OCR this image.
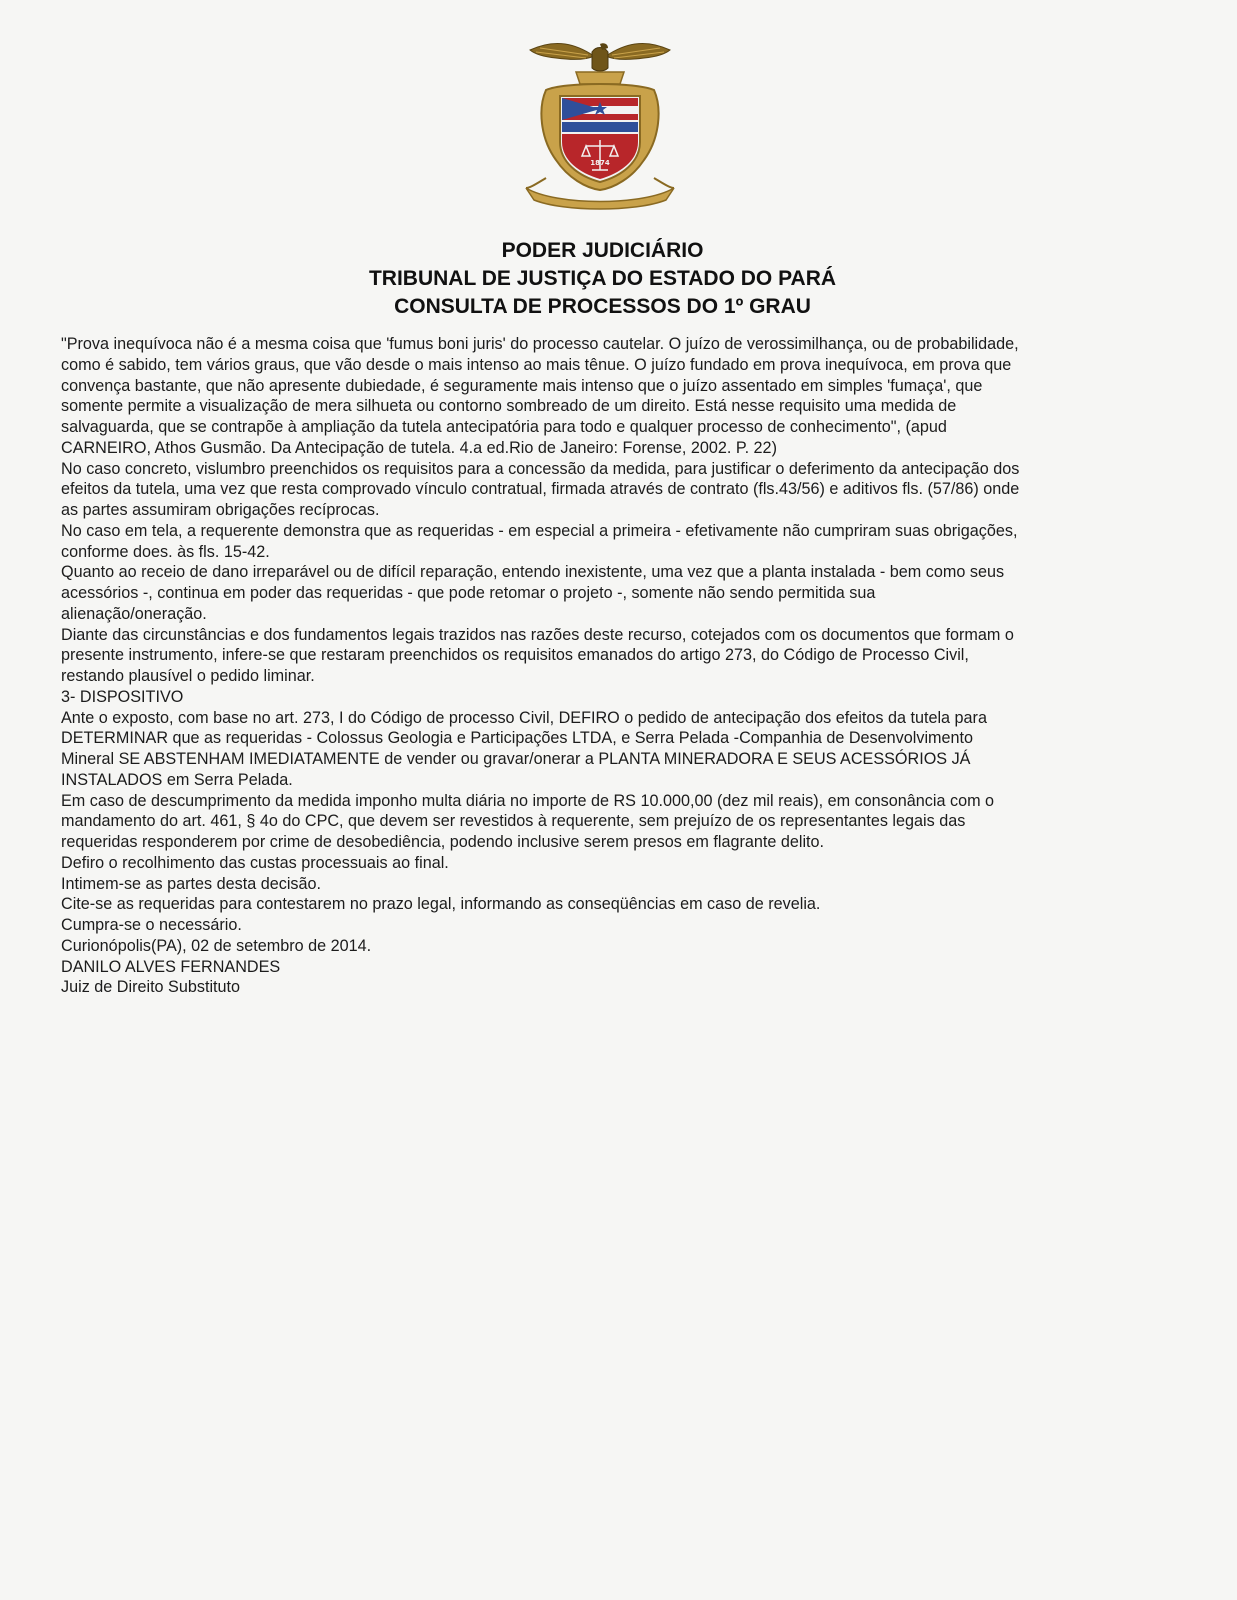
1874
PODER JUDICIÁRIO
TRIBUNAL DE JUSTIÇA DO ESTADO DO PARÁ
CONSULTA DE PROCESSOS DO 1º GRAU
"Prova inequívoca não é a mesma coisa que 'fumus boni juris' do processo cautelar. O juízo de verossimilhança, ou de probabilidade,
como é sabido, tem vários graus, que vão desde o mais intenso ao mais tênue. O juízo fundado em prova inequívoca, em prova que
convença bastante, que não apresente dubiedade, é seguramente mais intenso que o juízo assentado em simples 'fumaça', que
somente permite a visualização de mera silhueta ou contorno sombreado de um direito. Está nesse requisito uma medida de
salvaguarda, que se contrapõe à ampliação da tutela antecipatória para todo e qualquer processo de conhecimento", (apud
CARNEIRO, Athos Gusmão. Da Antecipação de tutela. 4.a ed.Rio de Janeiro: Forense, 2002. P. 22)
No caso concreto, vislumbro preenchidos os requisitos para a concessão da medida, para justificar o deferimento da antecipação dos
efeitos da tutela, uma vez que resta comprovado vínculo contratual, firmada através de contrato (fls.43/56) e aditivos fls. (57/86) onde
as partes assumiram obrigações recíprocas.
No caso em tela, a requerente demonstra que as requeridas - em especial a primeira - efetivamente não cumpriram suas obrigações,
conforme does. às fls. 15-42.
Quanto ao receio de dano irreparável ou de difícil reparação, entendo inexistente, uma vez que a planta instalada - bem como seus
acessórios -, continua em poder das requeridas - que pode retomar o projeto -, somente não sendo permitida sua
alienação/oneração.
Diante das circunstâncias e dos fundamentos legais trazidos nas razões deste recurso, cotejados com os documentos que formam o
presente instrumento, infere-se que restaram preenchidos os requisitos emanados do artigo 273, do Código de Processo Civil,
restando plausível o pedido liminar.
3- DISPOSITIVO
Ante o exposto, com base no art. 273, I do Código de processo Civil, DEFIRO o pedido de antecipação dos efeitos da tutela para
DETERMINAR que as requeridas - Colossus Geologia e Participações LTDA, e Serra Pelada -Companhia de Desenvolvimento
Mineral SE ABSTENHAM IMEDIATAMENTE de vender ou gravar/onerar a PLANTA MINERADORA E SEUS ACESSÓRIOS JÁ
INSTALADOS em Serra Pelada.
Em caso de descumprimento da medida imponho multa diária no importe de RS 10.000,00 (dez mil reais), em consonância com o
mandamento do art. 461, § 4o do CPC, que devem ser revestidos à requerente, sem prejuízo de os representantes legais das
requeridas responderem por crime de desobediência, podendo inclusive serem presos em flagrante delito.
Defiro o recolhimento das custas processuais ao final.
Intimem-se as partes desta decisão.
Cite-se as requeridas para contestarem no prazo legal, informando as conseqüências em caso de revelia.
Cumpra-se o necessário.
Curionópolis(PA), 02 de setembro de 2014.
DANILO ALVES FERNANDES
Juiz de Direito Substituto
